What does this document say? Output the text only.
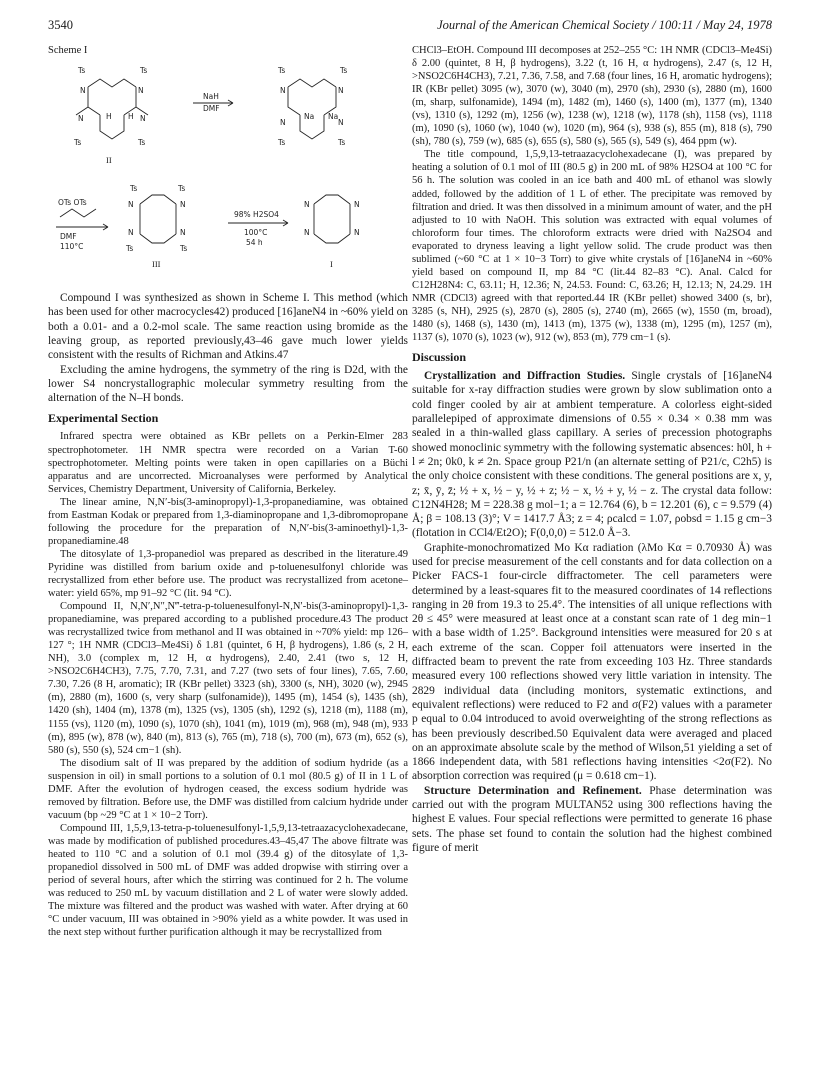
3540	Journal of the American Chemical Society / 100:11 / May 24, 1978

Scheme I

Ts	Ts
N	N
H H
N	N
Ts	Ts
II
NaH
DMF
Ts	Ts
N	N
Na Na
N	N
Ts	Ts
OTs OTs
DMF
110°C
Ts	Ts
N	N
N	N
Ts	Ts
III
98% H2SO4
100°C
54 h
N	N
N	N
I

Compound I was synthesized as shown in Scheme I. This method (which has been used for other macrocycles42) produced [16]aneN4 in ~60% yield on both a 0.01- and a 0.2-mol scale. The same reaction using bromide as the leaving group, as reported previously,43–46 gave much lower yields consistent with the results of Richman and Atkins.47

Excluding the amine hydrogens, the symmetry of the ring is D2d, with the lower S4 noncrystallographic molecular symmetry resulting from the alternation of the N–H bonds.

Experimental Section

Infrared spectra were obtained as KBr pellets on a Perkin-Elmer 283 spectrophotometer. 1H NMR spectra were recorded on a Varian T-60 spectrophotometer. Melting points were taken in open capillaries on a Büchi apparatus and are uncorrected. Microanalyses were performed by Analytical Services, Chemistry Department, University of California, Berkeley.

The linear amine, N,N′-bis(3-aminopropyl)-1,3-propanediamine, was obtained from Eastman Kodak or prepared from 1,3-diaminopropane and 1,3-dibromopropane following the procedure for the preparation of N,N′-bis(3-aminoethyl)-1,3-propanediamine.48

The ditosylate of 1,3-propanediol was prepared as described in the literature.49 Pyridine was distilled from barium oxide and p-toluenesulfonyl chloride was recrystallized from ether before use. The product was recrystallized from acetone–water: yield 65%, mp 91–92 °C (lit. 94 °C).

Compound II, N,N′,N″,N‴-tetra-p-toluenesulfonyl-N,N′-bis(3-aminopropyl)-1,3-propanediamine, was prepared according to a published procedure.43 The product was recrystallized twice from methanol and II was obtained in ~70% yield: mp 126–127 °; 1H NMR (CDCl3–Me4Si) δ 1.81 (quintet, 6 H, β hydrogens), 1.86 (s, 2 H, NH), 3.0 (complex m, 12 H, α hydrogens), 2.40, 2.41 (two s, 12 H, >NSO2C6H4CH3), 7.75, 7.70, 7.31, and 7.27 (two sets of four lines), 7.65, 7.60, 7.30, 7.26 (8 H, aromatic); IR (KBr pellet) 3323 (sh), 3300 (s, NH), 3020 (w), 2945 (m), 2880 (m), 1600 (s, very sharp (sulfonamide)), 1495 (m), 1454 (s), 1435 (sh), 1420 (sh), 1404 (m), 1378 (m), 1325 (vs), 1305 (sh), 1292 (s), 1218 (m), 1188 (m), 1155 (vs), 1120 (m), 1090 (s), 1070 (sh), 1041 (m), 1019 (m), 968 (m), 948 (m), 933 (m), 895 (w), 878 (w), 840 (m), 813 (s), 765 (m), 718 (s), 700 (m), 673 (m), 652 (s), 580 (s), 550 (s), 524 cm−1 (sh).

The disodium salt of II was prepared by the addition of sodium hydride (as a suspension in oil) in small portions to a solution of 0.1 mol (80.5 g) of II in 1 L of DMF. After the evolution of hydrogen ceased, the excess sodium hydride was removed by filtration. Before use, the DMF was distilled from calcium hydride under vacuum (bp ~29 °C at 1 × 10−2 Torr).

Compound III, 1,5,9,13-tetra-p-toluenesulfonyl-1,5,9,13-tetraazacyclohexadecane, was made by modification of published procedures.43–45,47 The above filtrate was heated to 110 °C and a solution of 0.1 mol (39.4 g) of the ditosylate of 1,3-propanediol dissolved in 500 mL of DMF was added dropwise with stirring over a period of several hours, after which the stirring was continued for 2 h. The volume was reduced to 250 mL by vacuum distillation and 2 L of water were slowly added. The mixture was filtered and the product was washed with water. After drying at 60 °C under vacuum, III was obtained in >90% yield as a white powder. It was used in the next step without further purification although it may be recrystallized from

CHCl3–EtOH. Compound III decomposes at 252–255 °C: 1H NMR (CDCl3–Me4Si) δ 2.00 (quintet, 8 H, β hydrogens), 3.22 (t, 16 H, α hydrogens), 2.47 (s, 12 H, >NSO2C6H4CH3), 7.21, 7.36, 7.58, and 7.68 (four lines, 16 H, aromatic hydrogens); IR (KBr pellet) 3095 (w), 3070 (w), 3040 (m), 2970 (sh), 2930 (s), 2880 (m), 1600 (m, sharp, sulfonamide), 1494 (m), 1482 (m), 1460 (s), 1400 (m), 1377 (m), 1340 (vs), 1310 (s), 1292 (m), 1256 (w), 1238 (w), 1218 (w), 1178 (sh), 1158 (vs), 1118 (m), 1090 (s), 1060 (w), 1040 (w), 1020 (m), 964 (s), 938 (s), 855 (m), 818 (s), 790 (sh), 780 (s), 759 (w), 685 (s), 655 (s), 580 (s), 565 (s), 549 (s), 464 ppm (w).

The title compound, 1,5,9,13-tetraazacyclohexadecane (I), was prepared by heating a solution of 0.1 mol of III (80.5 g) in 200 mL of 98% H2SO4 at 100 °C for 56 h. The solution was cooled in an ice bath and 400 mL of ethanol was slowly added, followed by the addition of 1 L of ether. The precipitate was removed by filtration and dried. It was then dissolved in a minimum amount of water, and the pH adjusted to 10 with NaOH. This solution was extracted with equal volumes of chloroform four times. The chloroform extracts were dried with Na2SO4 and evaporated to dryness leaving a light yellow solid. The crude product was then sublimed (~60 °C at 1 × 10−3 Torr) to give white crystals of [16]aneN4 in ~60% yield based on compound II, mp 84 °C (lit.44 82–83 °C). Anal. Calcd for C12H28N4: C, 63.11; H, 12.36; N, 24.53. Found: C, 63.26; H, 12.13; N, 24.29. 1H NMR (CDCl3) agreed with that reported.44 IR (KBr pellet) showed 3400 (s, br), 3285 (s, NH), 2925 (s), 2870 (s), 2805 (s), 2740 (m), 2665 (w), 1550 (m, broad), 1480 (s), 1468 (s), 1430 (m), 1413 (m), 1375 (w), 1338 (m), 1295 (m), 1257 (m), 1137 (s), 1070 (s), 1023 (w), 912 (w), 853 (m), 779 cm−1 (s).

Discussion

Crystallization and Diffraction Studies. Single crystals of [16]aneN4 suitable for x-ray diffraction studies were grown by slow sublimation onto a cold finger cooled by air at ambient temperature. A colorless eight-sided parallelepiped of approximate dimensions of 0.55 × 0.34 × 0.38 mm was sealed in a thin-walled glass capillary. A series of precession photographs showed monoclinic symmetry with the following systematic absences: h0l, h + l ≠ 2n; 0k0, k ≠ 2n. Space group P21/n (an alternate setting of P21/c, C2h5) is the only choice consistent with these conditions. The general positions are x, y, z; x̄, ȳ, z̄; ½ + x, ½ − y, ½ + z; ½ − x, ½ + y, ½ − z. The crystal data follow: C12N4H28; M = 228.38 g mol−1; a = 12.764 (6), b = 12.201 (6), c = 9.579 (4) Å; β = 108.13 (3)°; V = 1417.7 Å3; z = 4; ρcalcd = 1.07, ρobsd = 1.15 g cm−3 (flotation in CCl4/Et2O); F(0,0,0) = 512.0 Å−3.

Graphite-monochromatized Mo Kα radiation (λMo Kα = 0.70930 Å) was used for precise measurement of the cell constants and for data collection on a Picker FACS-1 four-circle diffractometer. The cell parameters were determined by a least-squares fit to the measured coordinates of 14 reflections ranging in 2θ from 19.3 to 25.4°. The intensities of all unique reflections with 2θ ≤ 45° were measured at least once at a constant scan rate of 1 deg min−1 with a base width of 1.25°. Background intensities were measured for 20 s at each extreme of the scan. Copper foil attenuators were inserted in the diffracted beam to prevent the rate from exceeding 103 Hz. Three standards measured every 100 reflections showed very little variation in intensity. The 2829 individual data (including monitors, systematic extinctions, and equivalent reflections) were reduced to F2 and σ(F2) values with a parameter p equal to 0.04 introduced to avoid overweighting of the strong reflections as has been previously described.50 Equivalent data were averaged and placed on an approximate absolute scale by the method of Wilson,51 yielding a set of 1866 independent data, with 581 reflections having intensities <2σ(F2). No absorption correction was required (μ = 0.618 cm−1).

Structure Determination and Refinement. Phase determination was carried out with the program MULTAN52 using 300 reflections having the highest E values. Four special reflections were permitted to generate 16 phase sets. The phase set found to contain the solution had the highest combined figure of merit
